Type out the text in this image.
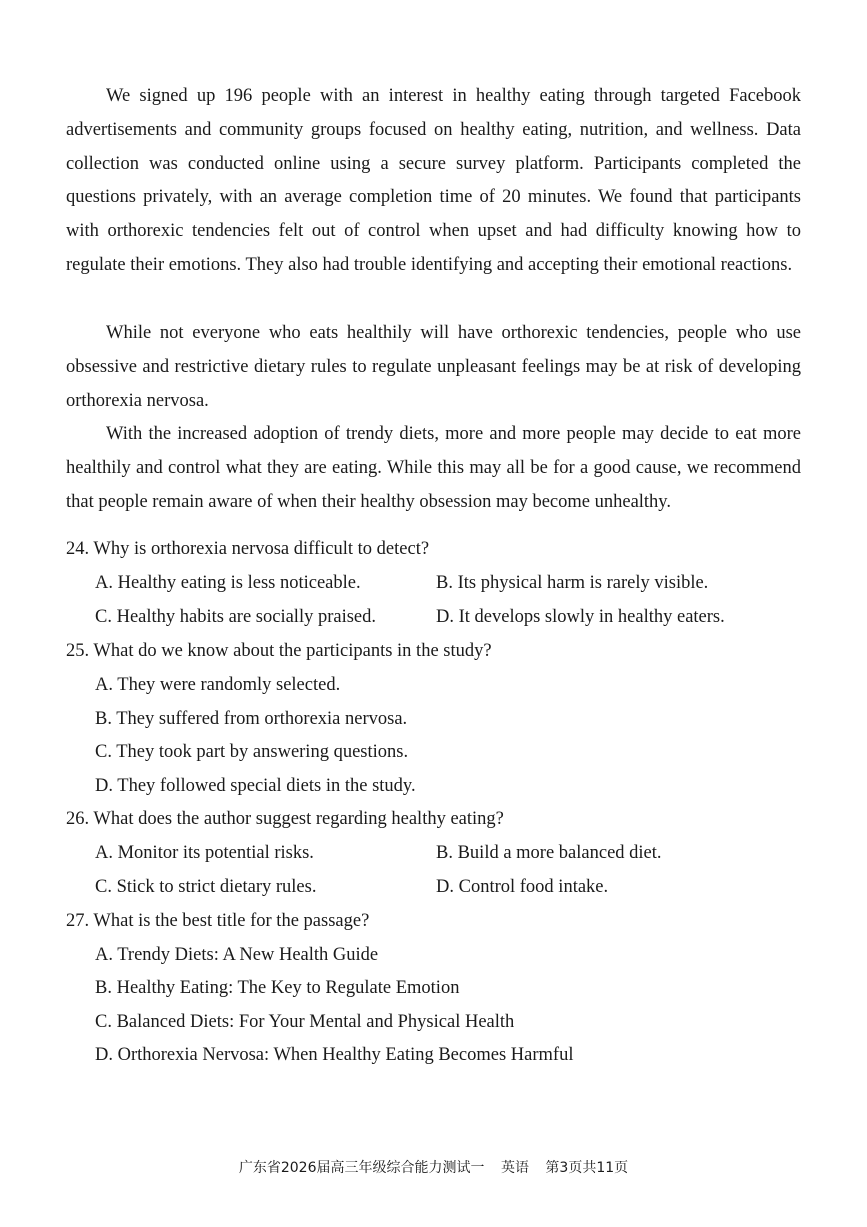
We signed up 196 people with an interest in healthy eating through targeted Facebook advertisements and community groups focused on healthy eating, nutrition, and wellness. Data collection was conducted online using a secure survey platform. Participants completed the questions privately, with an average completion time of 20 minutes. We found that participants with orthorexic tendencies felt out of control when upset and had difficulty knowing how to regulate their emotions. They also had trouble identifying and accepting their emotional reactions.
While not everyone who eats healthily will have orthorexic tendencies, people who use obsessive and restrictive dietary rules to regulate unpleasant feelings may be at risk of developing orthorexia nervosa.
With the increased adoption of trendy diets, more and more people may decide to eat more healthily and control what they are eating. While this may all be for a good cause, we recommend that people remain aware of when their healthy obsession may become unhealthy.
24. Why is orthorexia nervosa difficult to detect?
A. Healthy eating is less noticeable.	B. Its physical harm is rarely visible.
C. Healthy habits are socially praised.	D. It develops slowly in healthy eaters.
25. What do we know about the participants in the study?
A. They were randomly selected.
B. They suffered from orthorexia nervosa.
C. They took part by answering questions.
D. They followed special diets in the study.
26. What does the author suggest regarding healthy eating?
A. Monitor its potential risks.	B. Build a more balanced diet.
C. Stick to strict dietary rules.	D. Control food intake.
27. What is the best title for the passage?
A. Trendy Diets: A New Health Guide
B. Healthy Eating: The Key to Regulate Emotion
C. Balanced Diets: For Your Mental and Physical Health
D. Orthorexia Nervosa: When Healthy Eating Becomes Harmful
广东省2026届高三年级综合能力测试一 英语 第3页共11页
